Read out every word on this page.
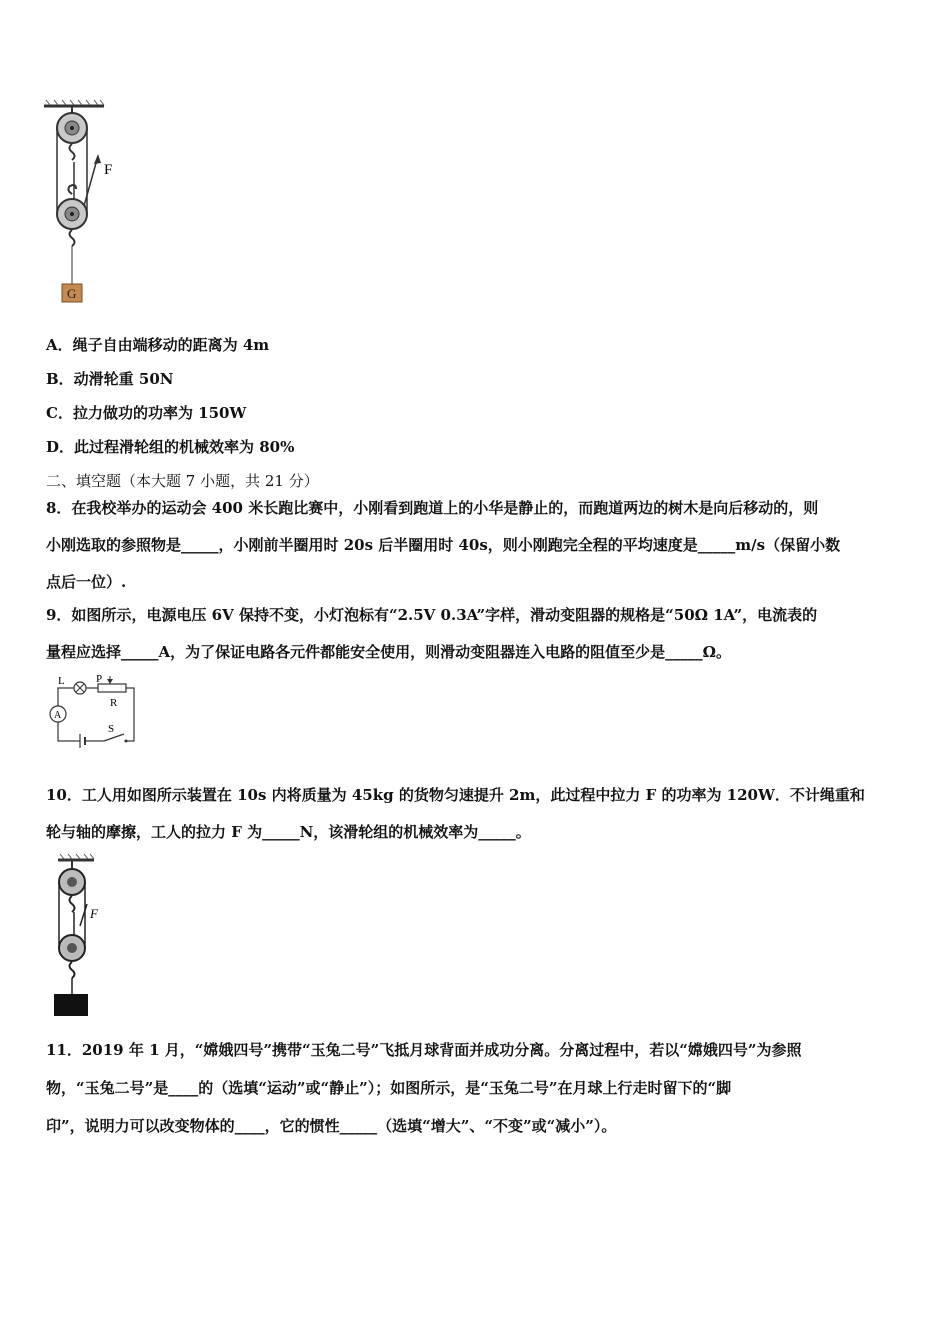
F
G
A．绳子自由端移动的距离为 4m
B．动滑轮重 50N
C．拉力做功的功率为 150W
D．此过程滑轮组的机械效率为 80%
二、填空题（本大题 7 小题，共 21 分）
8．在我校举办的运动会 400 米长跑比赛中，小刚看到跑道上的小华是静止的，而跑道两边的树木是向后移动的，则
小刚选取的参照物是_____，小刚前半圈用时 20s 后半圈用时 40s，则小刚跑完全程的平均速度是_____m/s（保留小数
点后一位）.
9．如图所示，电源电压 6V 保持不变，小灯泡标有“2.5V 0.3A”字样，滑动变阻器的规格是“50Ω 1A”，电流表的
量程应选择_____A，为了保证电路各元件都能安全使用，则滑动变阻器连入电路的阻值至少是_____Ω。
A
L	P
R
S
10．工人用如图所示装置在 10s 内将质量为 45kg 的货物匀速提升 2m，此过程中拉力 F 的功率为 120W．不计绳重和
轮与轴的摩擦，工人的拉力 F 为_____N，该滑轮组的机械效率为_____。
F
11．2019 年 1 月，“嫦娥四号”携带“玉兔二号”飞抵月球背面并成功分离。分离过程中，若以“嫦娥四号”为参照
物，“玉兔二号”是____的（选填“运动”或“静止”）；如图所示，是“玉兔二号”在月球上行走时留下的“脚
印”，说明力可以改变物体的____，它的惯性_____（选填“增大”、“不变”或“减小”）。
